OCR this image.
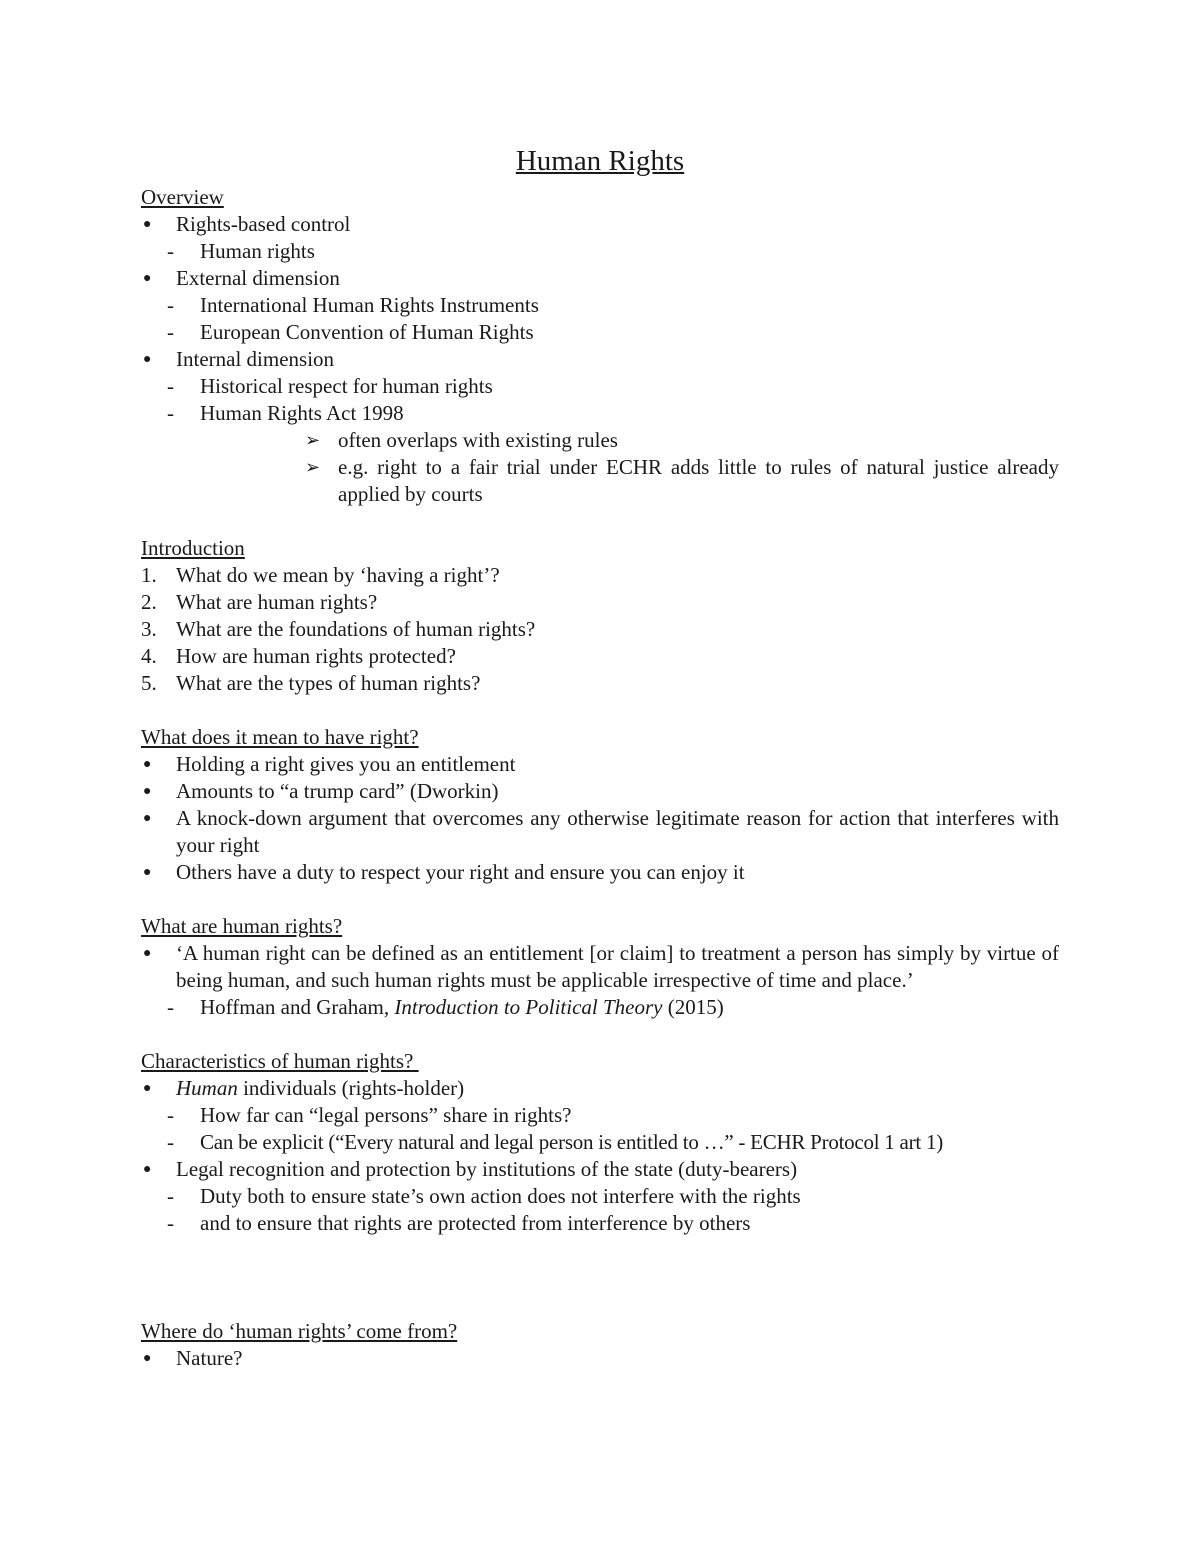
Human Rights
Overview
● Rights-based control
- Human rights
● External dimension
- International Human Rights Instruments
- European Convention of Human Rights
● Internal dimension
- Historical respect for human rights
- Human Rights Act 1998
➢ often overlaps with existing rules
➢ e.g. right to a fair trial under ECHR adds little to rules of natural justice already applied by courts
Introduction
1. What do we mean by ‘having a right’?
2. What are human rights?
3. What are the foundations of human rights?
4. How are human rights protected?
5. What are the types of human rights?
What does it mean to have right?
● Holding a right gives you an entitlement
● Amounts to “a trump card” (Dworkin)
● A knock-down argument that overcomes any otherwise legitimate reason for action that interferes with your right
● Others have a duty to respect your right and ensure you can enjoy it
What are human rights?
● ‘A human right can be defined as an entitlement [or claim] to treatment a person has simply by virtue of being human, and such human rights must be applicable irrespective of time and place.’
- Hoffman and Graham, Introduction to Political Theory (2015)
Characteristics of human rights?
● Human individuals (rights-holder)
- How far can “legal persons” share in rights?
- Can be explicit (“Every natural and legal person is entitled to …” - ECHR Protocol 1 art 1)
● Legal recognition and protection by institutions of the state (duty-bearers)
- Duty both to ensure state’s own action does not interfere with the rights
- and to ensure that rights are protected from interference by others
Where do ‘human rights’ come from?
● Nature?
